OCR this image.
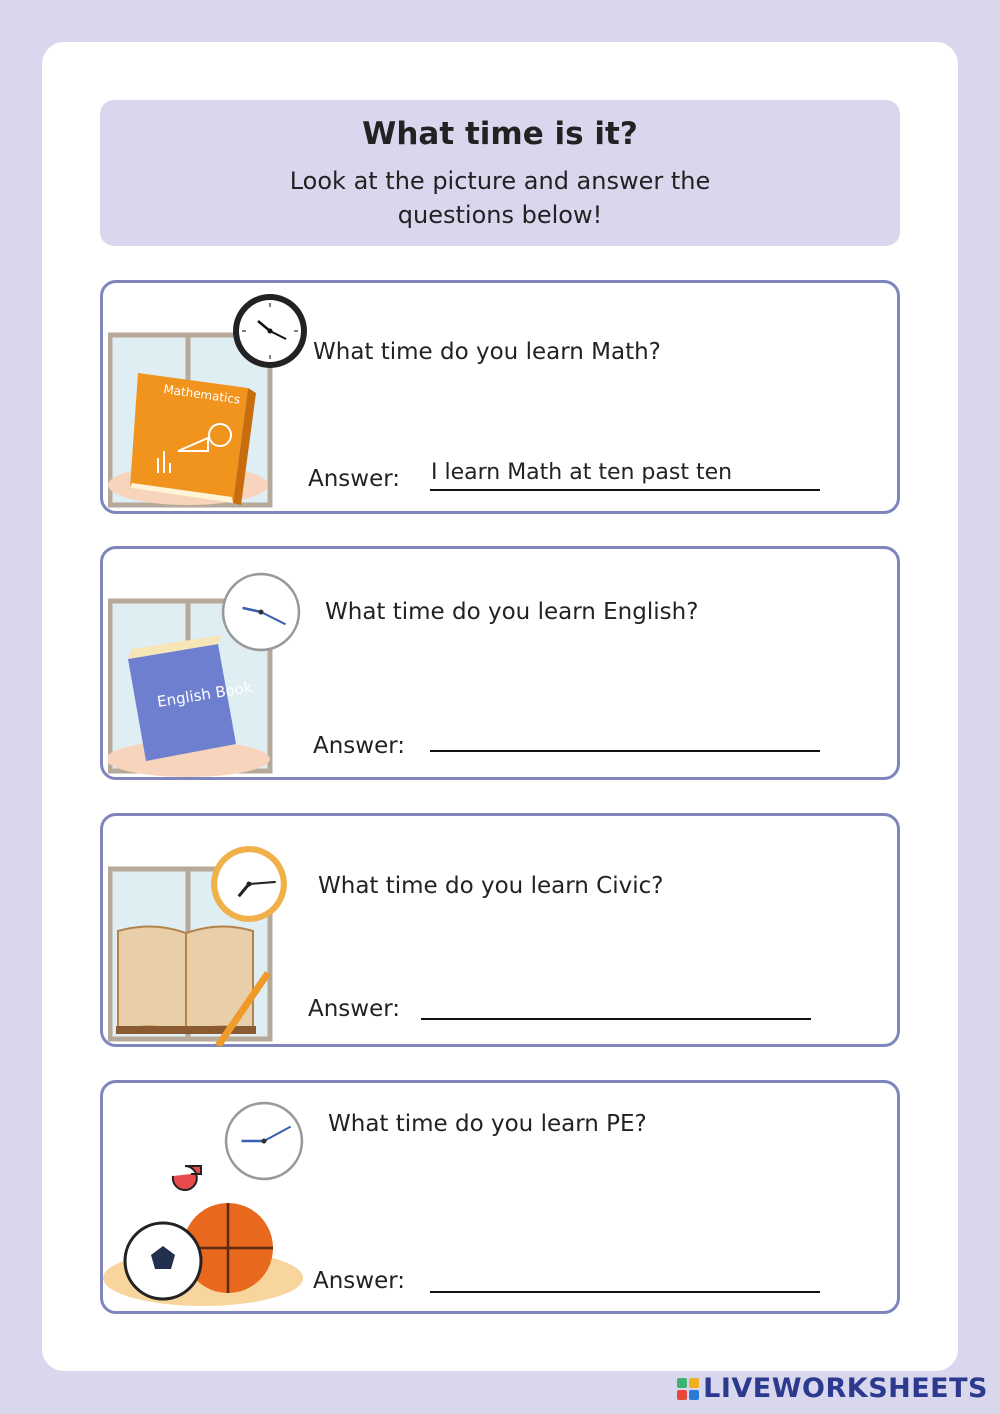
What time is it?
Look at the picture and answer the questions below!
Mathematics
What time do you learn Math?
Answer:
I learn Math at ten past ten
English Book
What time do you learn English?
Answer:
What time do you learn Civic?
Answer:
What time do you learn PE?
Answer:
LIVEWORKSHEETS
